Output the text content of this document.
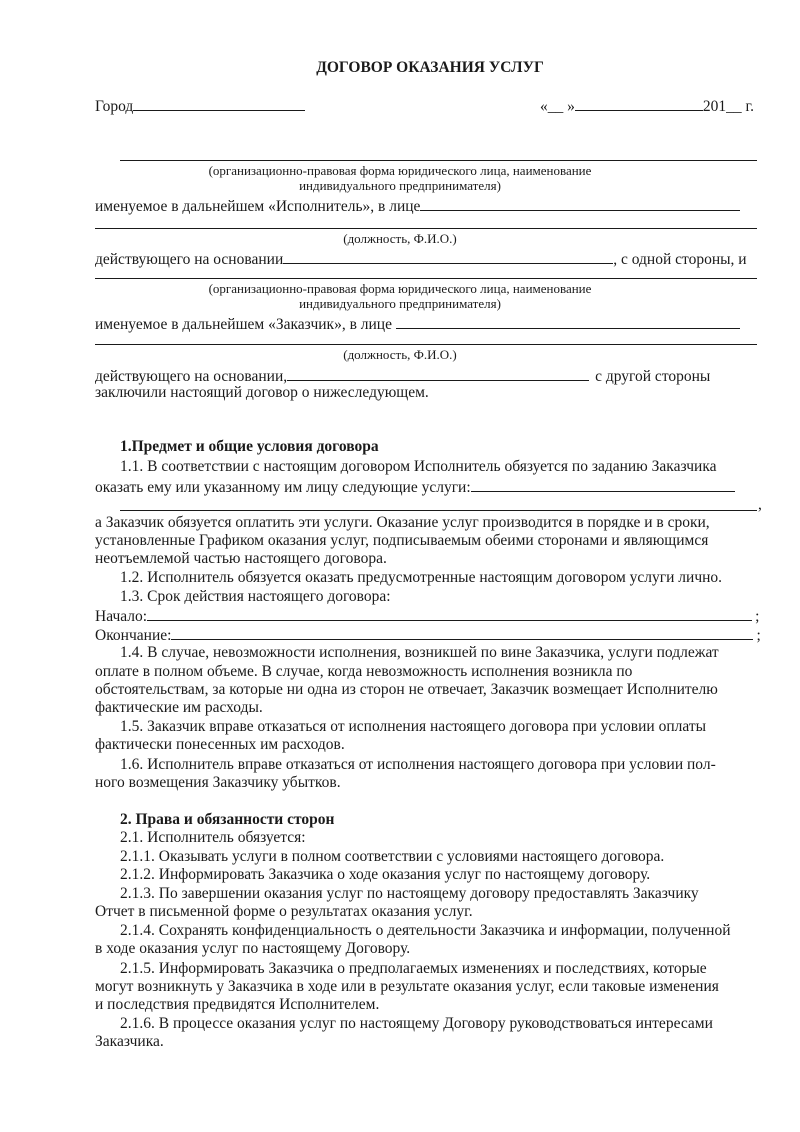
ДОГОВОР ОКАЗАНИЯ УСЛУГ
Город	«__ »	201__ г.
(организационно-правовая форма юридического лица, наименование
индивидуального предпринимателя)
именуемое в дальнейшем «Исполнитель», в лице
(должность, Ф.И.О.)
действующего на основании	, с одной стороны, и
(организационно-правовая форма юридического лица, наименование
индивидуального предпринимателя)
именуемое в дальнейшем «Заказчик», в лице
(должность, Ф.И.О.)
действующего на основании,	с другой стороны
заключили настоящий договор о нижеследующем.
1.Предмет и общие условия договора
1.1. В соответствии с настоящим договором Исполнитель обязуется по заданию Заказчика
оказать ему или указанному им лицу следующие услуги:
,
а Заказчик обязуется оплатить эти услуги. Оказание услуг производится в порядке и в сроки,
установленные Графиком оказания услуг, подписываемым обеими сторонами и являющимся
неотъемлемой частью настоящего договора.
1.2. Исполнитель обязуется оказать предусмотренные настоящим договором услуги лично.
1.3. Срок действия настоящего договора:
Начало:	;
Окончание:	;
1.4. В случае, невозможности исполнения, возникшей по вине Заказчика, услуги подлежат
оплате в полном объеме. В случае, когда невозможность исполнения возникла по
обстоятельствам, за которые ни одна из сторон не отвечает, Заказчик возмещает Исполнителю
фактические им расходы.
1.5. Заказчик вправе отказаться от исполнения настоящего договора при условии оплаты
фактически понесенных им расходов.
1.6. Исполнитель вправе отказаться от исполнения настоящего договора при условии пол-
ного возмещения Заказчику убытков.
2. Права и обязанности сторон
2.1. Исполнитель обязуется:
2.1.1. Оказывать услуги в полном соответствии с условиями настоящего договора.
2.1.2. Информировать Заказчика о ходе оказания услуг по настоящему договору.
2.1.3. По завершении оказания услуг по настоящему договору предоставлять Заказчику
Отчет в письменной форме о результатах оказания услуг.
2.1.4. Сохранять конфиденциальность о деятельности Заказчика и информации, полученной
в ходе оказания услуг по настоящему Договору.
2.1.5. Информировать Заказчика о предполагаемых изменениях и последствиях, которые
могут возникнуть у Заказчика в ходе или в результате оказания услуг, если таковые изменения
и последствия предвидятся Исполнителем.
2.1.6. В процессе оказания услуг по настоящему Договору руководствоваться интересами
Заказчика.
